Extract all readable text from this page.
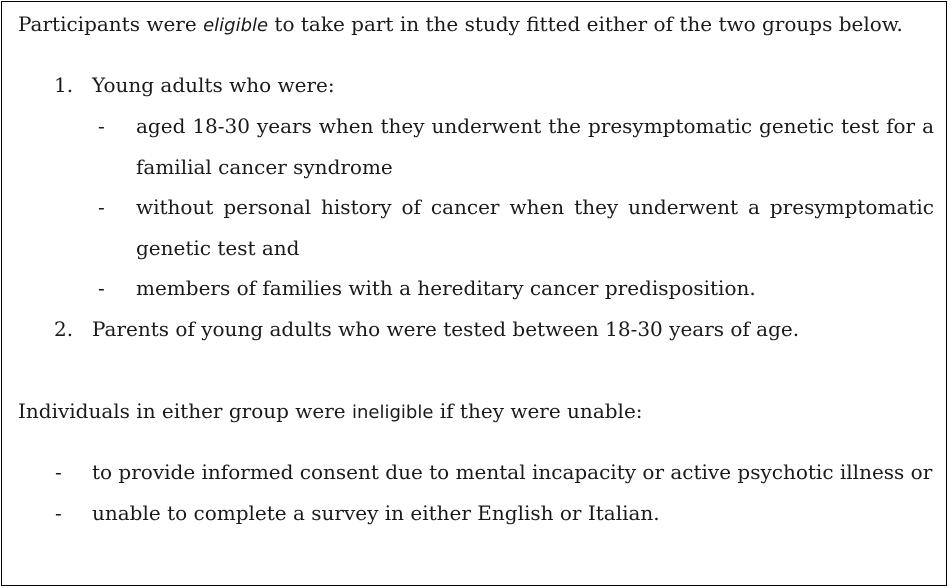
Participants were eligible to take part in the study fitted either of the two groups below.
1. Young adults who were:
- aged 18-30 years when they underwent the presymptomatic genetic test for a
familial cancer syndrome
- without personal history of cancer when they underwent a presymptomatic
genetic test and
- members of families with a hereditary cancer predisposition.
2. Parents of young adults who were tested between 18-30 years of age.
Individuals in either group were ineligible if they were unable:
- to provide informed consent due to mental incapacity or active psychotic illness or
- unable to complete a survey in either English or Italian.
